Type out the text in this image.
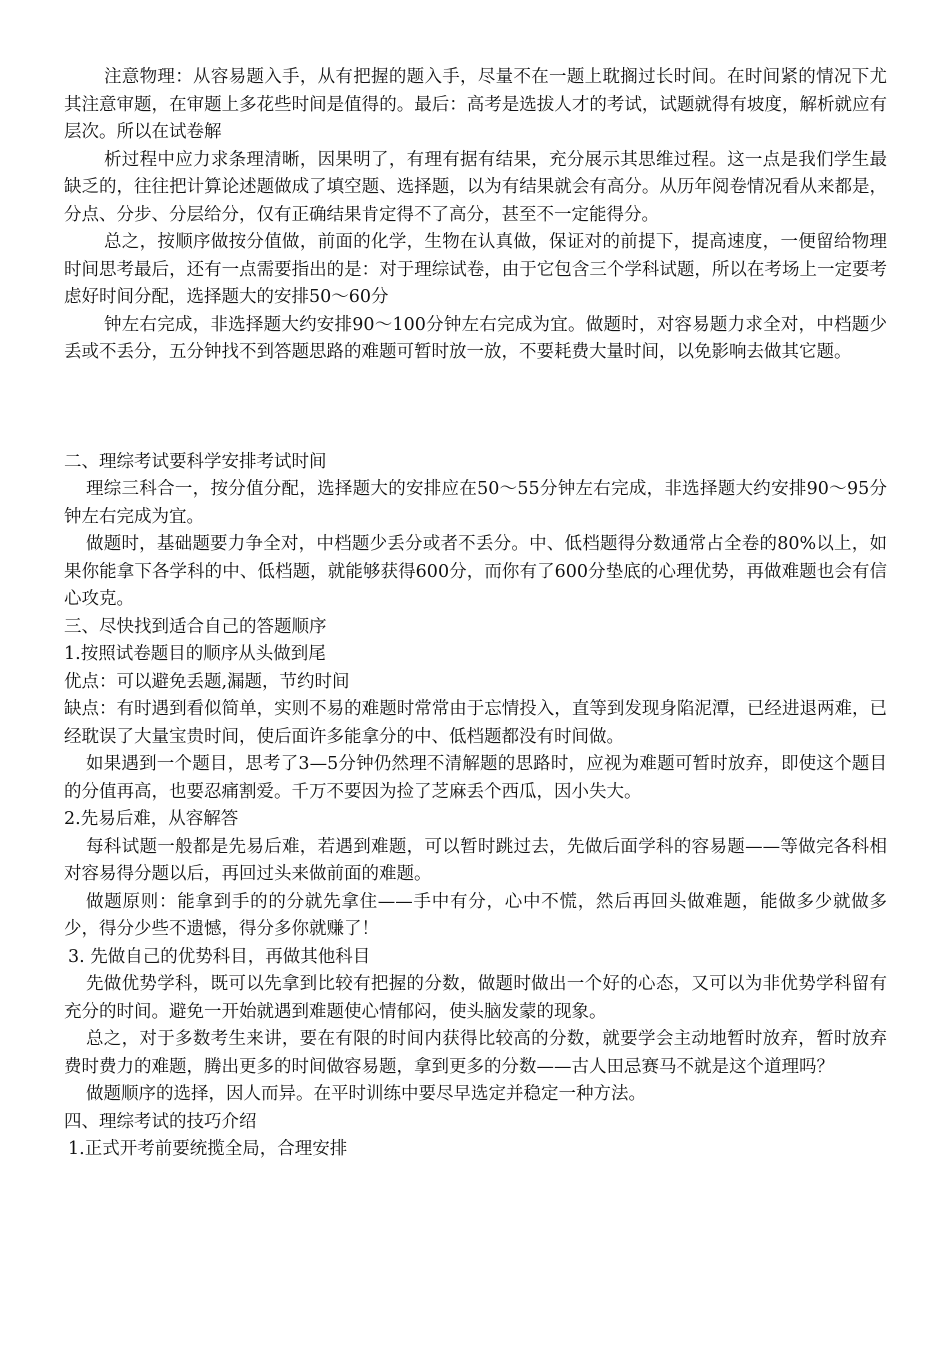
注意物理：从容易题入手，从有把握的题入手，尽量不在一题上耽搁过长时间。在时间紧的情况下尤其注意审题，在审题上多花些时间是值得的。最后：高考是选拔人才的考试，试题就得有坡度，解析就应有层次。所以在试卷解

析过程中应力求条理清晰，因果明了，有理有据有结果，充分展示其思维过程。这一点是我们学生最缺乏的，往往把计算论述题做成了填空题、选择题，以为有结果就会有高分。从历年阅卷情况看从来都是，分点、分步、分层给分，仅有正确结果肯定得不了高分，甚至不一定能得分。

总之，按顺序做按分值做，前面的化学，生物在认真做，保证对的前提下，提高速度，一便留给物理时间思考最后，还有一点需要指出的是：对于理综试卷，由于它包含三个学科试题，所以在考场上一定要考虑好时间分配，选择题大的安排50～60分

钟左右完成，非选择题大约安排90～100分钟左右完成为宜。做题时，对容易题力求全对，中档题少丢或不丢分，五分钟找不到答题思路的难题可暂时放一放，不要耗费大量时间，以免影响去做其它题。

二、理综考试要科学安排考试时间

理综三科合一，按分值分配，选择题大的安排应在50～55分钟左右完成，非选择题大约安排90～95分钟左右完成为宜。

做题时，基础题要力争全对，中档题少丢分或者不丢分。中、低档题得分数通常占全卷的80%以上，如果你能拿下各学科的中、低档题，就能够获得600分，而你有了600分垫底的心理优势，再做难题也会有信心攻克。

三、尽快找到适合自己的答题顺序

1.按照试卷题目的顺序从头做到尾

优点：可以避免丢题,漏题，节约时间

缺点：有时遇到看似简单，实则不易的难题时常常由于忘情投入，直等到发现身陷泥潭，已经进退两难，已经耽误了大量宝贵时间，使后面许多能拿分的中、低档题都没有时间做。

如果遇到一个题目，思考了3—5分钟仍然理不清解题的思路时，应视为难题可暂时放弃，即使这个题目的分值再高，也要忍痛割爱。千万不要因为捡了芝麻丢个西瓜，因小失大。

2.先易后难，从容解答

每科试题一般都是先易后难，若遇到难题，可以暂时跳过去，先做后面学科的容易题——等做完各科相对容易得分题以后，再回过头来做前面的难题。

做题原则：能拿到手的的分就先拿住——手中有分，心中不慌，然后再回头做难题，能做多少就做多少，得分少些不遗憾，得分多你就赚了！

3. 先做自己的优势科目，再做其他科目

先做优势学科，既可以先拿到比较有把握的分数，做题时做出一个好的心态，又可以为非优势学科留有充分的时间。避免一开始就遇到难题使心情郁闷，使头脑发蒙的现象。

总之，对于多数考生来讲，要在有限的时间内获得比较高的分数，就要学会主动地暂时放弃，暂时放弃费时费力的难题，腾出更多的时间做容易题，拿到更多的分数——古人田忌赛马不就是这个道理吗？

做题顺序的选择，因人而异。在平时训练中要尽早选定并稳定一种方法。

四、理综考试的技巧介绍

1.正式开考前要统揽全局，合理安排
